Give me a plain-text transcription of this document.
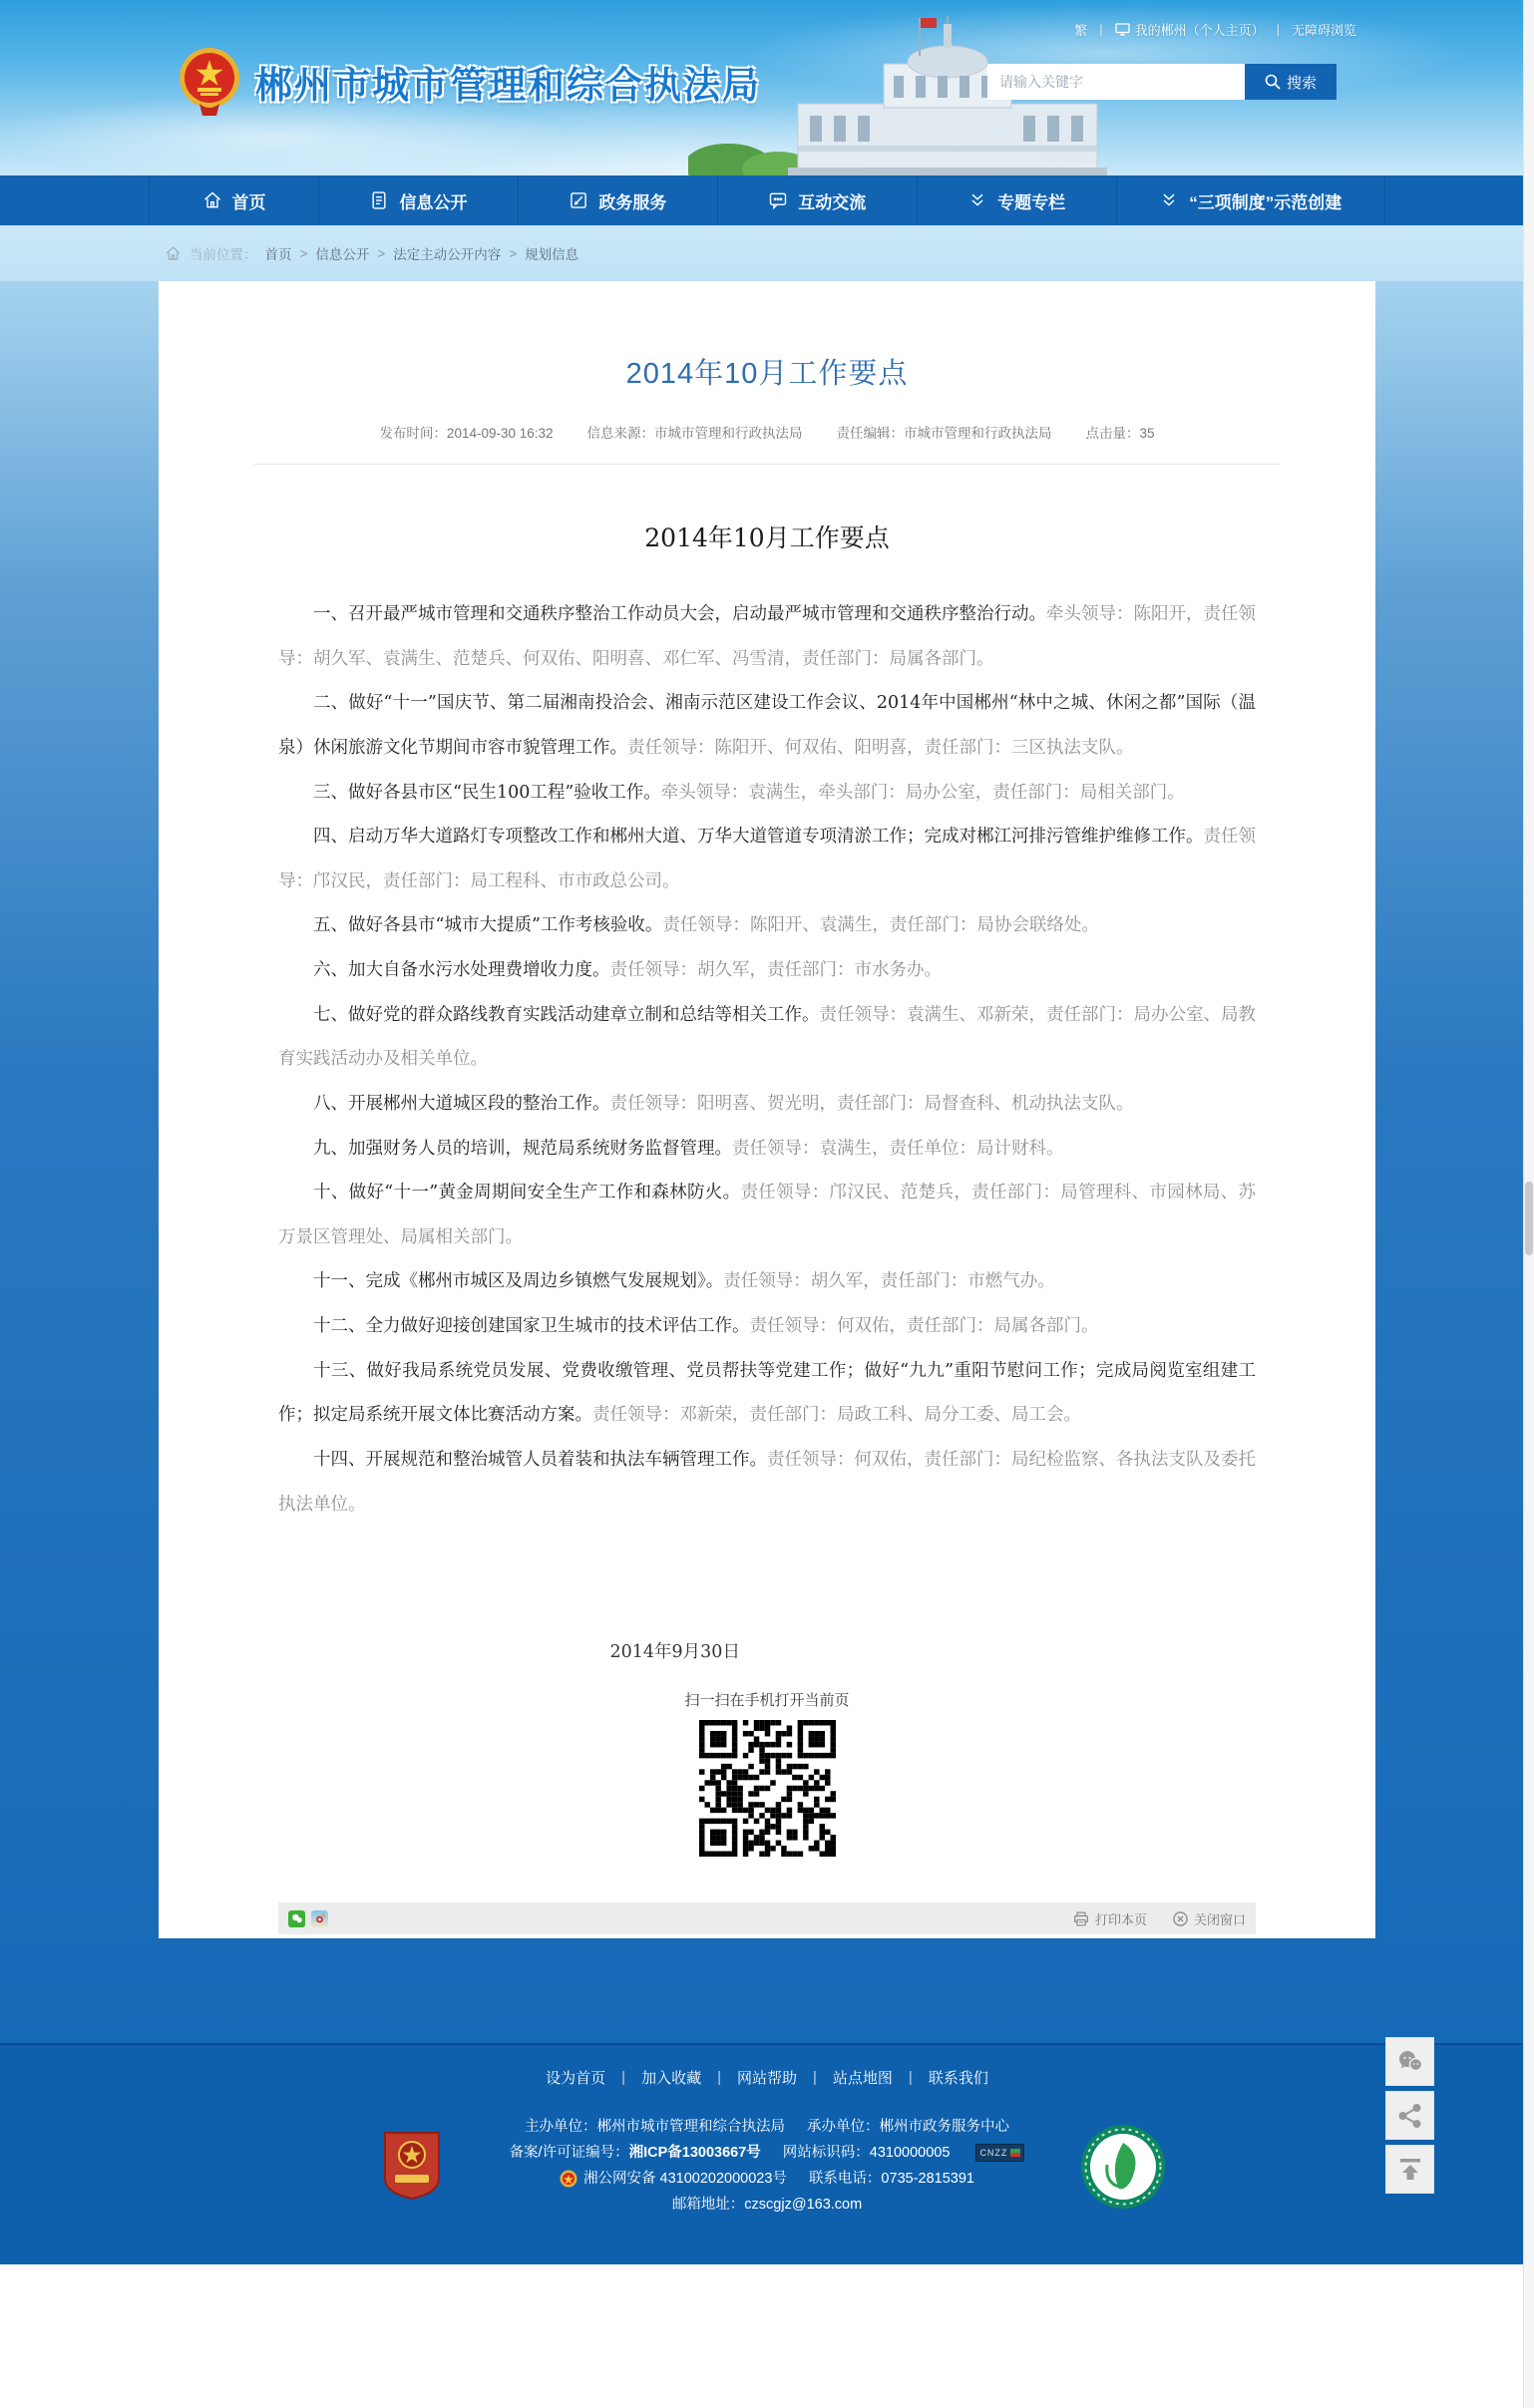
繁 | 我的郴州（个人主页） | 无障碍浏览
郴州市城市管理和综合执法局
请输入关键字	搜索
首页	信息公开	政务服务	互动交流	专题专栏	“三项制度”示范创建
当前位置： 首页 > 信息公开 > 法定主动公开内容 > 规划信息
2014年10月工作要点
发布时间：2014-09-30 16:32	信息来源：市城市管理和行政执法局	责任编辑：市城市管理和行政执法局	点击量：35
2014年10月工作要点

一、召开最严城市管理和交通秩序整治工作动员大会，启动最严城市管理和交通秩序整治行动。牵头领导：陈阳开，责任领导：胡久军、袁满生、范楚兵、何双佑、阳明喜、邓仁军、冯雪清，责任部门：局属各部门。

二、做好“十一”国庆节、第二届湘南投洽会、湘南示范区建设工作会议、2014年中国郴州“林中之城、休闲之都”国际（温泉）休闲旅游文化节期间市容市貌管理工作。责任领导：陈阳开、何双佑、阳明喜，责任部门：三区执法支队。

三、做好各县市区“民生100工程”验收工作。牵头领导：袁满生，牵头部门：局办公室，责任部门：局相关部门。

四、启动万华大道路灯专项整改工作和郴州大道、万华大道管道专项清淤工作；完成对郴江河排污管维护维修工作。责任领导：邝汉民，责任部门：局工程科、市市政总公司。

五、做好各县市“城市大提质”工作考核验收。责任领导：陈阳开、袁满生，责任部门：局协会联络处。

六、加大自备水污水处理费增收力度。责任领导：胡久军，责任部门：市水务办。

七、做好党的群众路线教育实践活动建章立制和总结等相关工作。责任领导：袁满生、邓新荣，责任部门：局办公室、局教育实践活动办及相关单位。

八、开展郴州大道城区段的整治工作。责任领导：阳明喜、贺光明，责任部门：局督查科、机动执法支队。

九、加强财务人员的培训，规范局系统财务监督管理。责任领导：袁满生，责任单位：局计财科。

十、做好“十一”黄金周期间安全生产工作和森林防火。责任领导：邝汉民、范楚兵，责任部门：局管理科、市园林局、苏万景区管理处、局属相关部门。

十一、完成《郴州市城区及周边乡镇燃气发展规划》。责任领导：胡久军，责任部门：市燃气办。

十二、全力做好迎接创建国家卫生城市的技术评估工作。责任领导：何双佑，责任部门：局属各部门。

十三、做好我局系统党员发展、党费收缴管理、党员帮扶等党建工作；做好“九九”重阳节慰问工作；完成局阅览室组建工作；拟定局系统开展文体比赛活动方案。责任领导：邓新荣，责任部门：局政工科、局分工委、局工会。

十四、开展规范和整治城管人员着装和执法车辆管理工作。责任领导：何双佑，责任部门：局纪检监察、各执法支队及委托执法单位。

2014年9月30日
扫一扫在手机打开当前页
打印本页	关闭窗口
设为首页 | 加入收藏 | 网站帮助 | 站点地图 | 联系我们
主办单位：郴州市城市管理和综合执法局 承办单位：郴州市政务服务中心
备案/许可证编号：湘ICP备13003667号 网站标识码：4310000005	CNZZ
湘公网安备 43100202000023号 联系电话：0735-2815391
邮箱地址：czscgjz@163.com
